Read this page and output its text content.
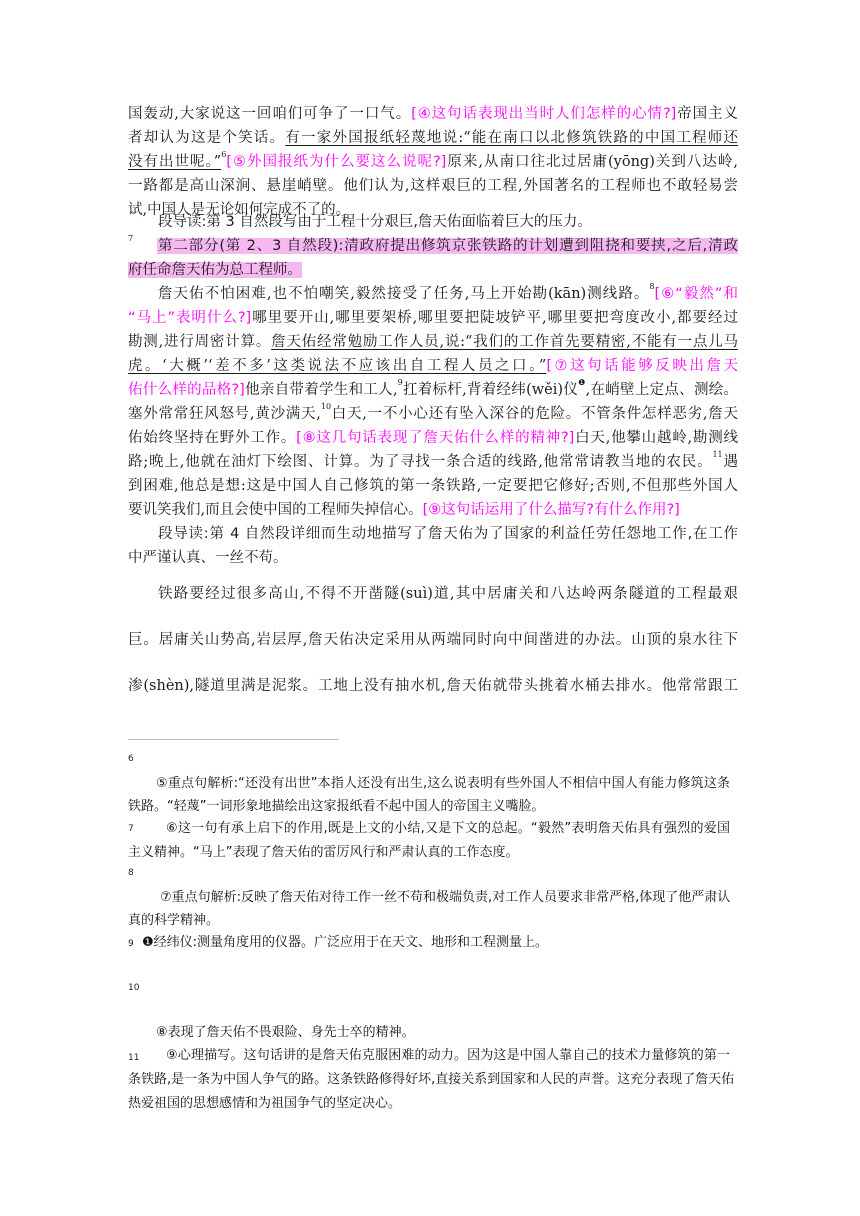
国轰动,大家说这一回咱们可争了一口气。[④这句话表现出当时人们怎样的心情?]帝国主义
者却认为这是个笑话。有一家外国报纸轻蔑地说:“能在南口以北修筑铁路的中国工程师还
没有出世呢。”$^6$[⑤外国报纸为什么要这么说呢?]原来,从南口往北过居庸(yōng)关到八达岭,
一路都是高山深涧、悬崖峭壁。他们认为,这样艰巨的工程,外国著名的工程师也不敢轻易尝
试,中国人是无论如何完成不了的。
段导读:第 3 自然段写由于工程十分艰巨,詹天佑面临着巨大的压力。
$^7$ 第二部分(第 2、3 自然段):清政府提出修筑京张铁路的计划遭到阻挠和要挟,之后,清政
府任命詹天佑为总工程师。
詹天佑不怕困难,也不怕嘲笑,毅然接受了任务,马上开始勘(kān)测线路。$^8$[⑥“毅然”和
“马上”表明什么?]哪里要开山,哪里要架桥,哪里要把陡坡铲平,哪里要把弯度改小,都要经过
勘测,进行周密计算。詹天佑经常勉励工作人员,说:“我们的工作首先要精密,不能有一点儿马
虎。‘大概’‘差不多’这类说法不应该出自工程人员之口。”[⑦这句话能够反映出詹天
佑什么样的品格?]他亲自带着学生和工人,$^9$扛着标杆,背着经纬(wěi)仪$^❶$,在峭壁上定点、测绘。
塞外常常狂风怒号,黄沙满天,$^{10}$白天,一不小心还有坠入深谷的危险。不管条件怎样恶劣,詹天
佑始终坚持在野外工作。[⑧这几句话表现了詹天佑什么样的精神?]白天,他攀山越岭,勘测线
路;晚上,他就在油灯下绘图、计算。为了寻找一条合适的线路,他常常请教当地的农民。$^{11}$遇
到困难,他总是想:这是中国人自己修筑的第一条铁路,一定要把它修好;否则,不但那些外国人
要讥笑我们,而且会使中国的工程师失掉信心。[⑨这句话运用了什么描写?有什么作用?]
段导读:第 4 自然段详细而生动地描写了詹天佑为了国家的利益任劳任怨地工作,在工作
中严谨认真、一丝不苟。
铁路要经过很多高山,不得不开凿隧(suì)道,其中居庸关和八达岭两条隧道的工程最艰
巨。居庸关山势高,岩层厚,詹天佑决定采用从两端同时向中间凿进的办法。山顶的泉水往下
渗(shèn),隧道里满是泥浆。工地上没有抽水机,詹天佑就带头挑着水桶去排水。他常常跟工
6
⑤重点句解析:“还没有出世”本指人还没有出生,这么说表明有些外国人不相信中国人有能力修筑这条
铁路。“轻蔑”一词形象地描绘出这家报纸看不起中国人的帝国主义嘴脸。
7 ⑥这一句有承上启下的作用,既是上文的小结,又是下文的总起。“毅然”表明詹天佑具有强烈的爱国
主义精神。“马上”表现了詹天佑的雷厉风行和严肃认真的工作态度。
8
⑦重点句解析:反映了詹天佑对待工作一丝不苟和极端负责,对工作人员要求非常严格,体现了他严肃认
真的科学精神。
9 ❶经纬仪:测量角度用的仪器。广泛应用于在天文、地形和工程测量上。
10
⑧表现了詹天佑不畏艰险、身先士卒的精神。
11 ⑨心理描写。这句话讲的是詹天佑克服困难的动力。因为这是中国人靠自己的技术力量修筑的第一
条铁路,是一条为中国人争气的路。这条铁路修得好坏,直接关系到国家和人民的声誉。这充分表现了詹天佑
热爱祖国的思想感情和为祖国争气的坚定决心。
